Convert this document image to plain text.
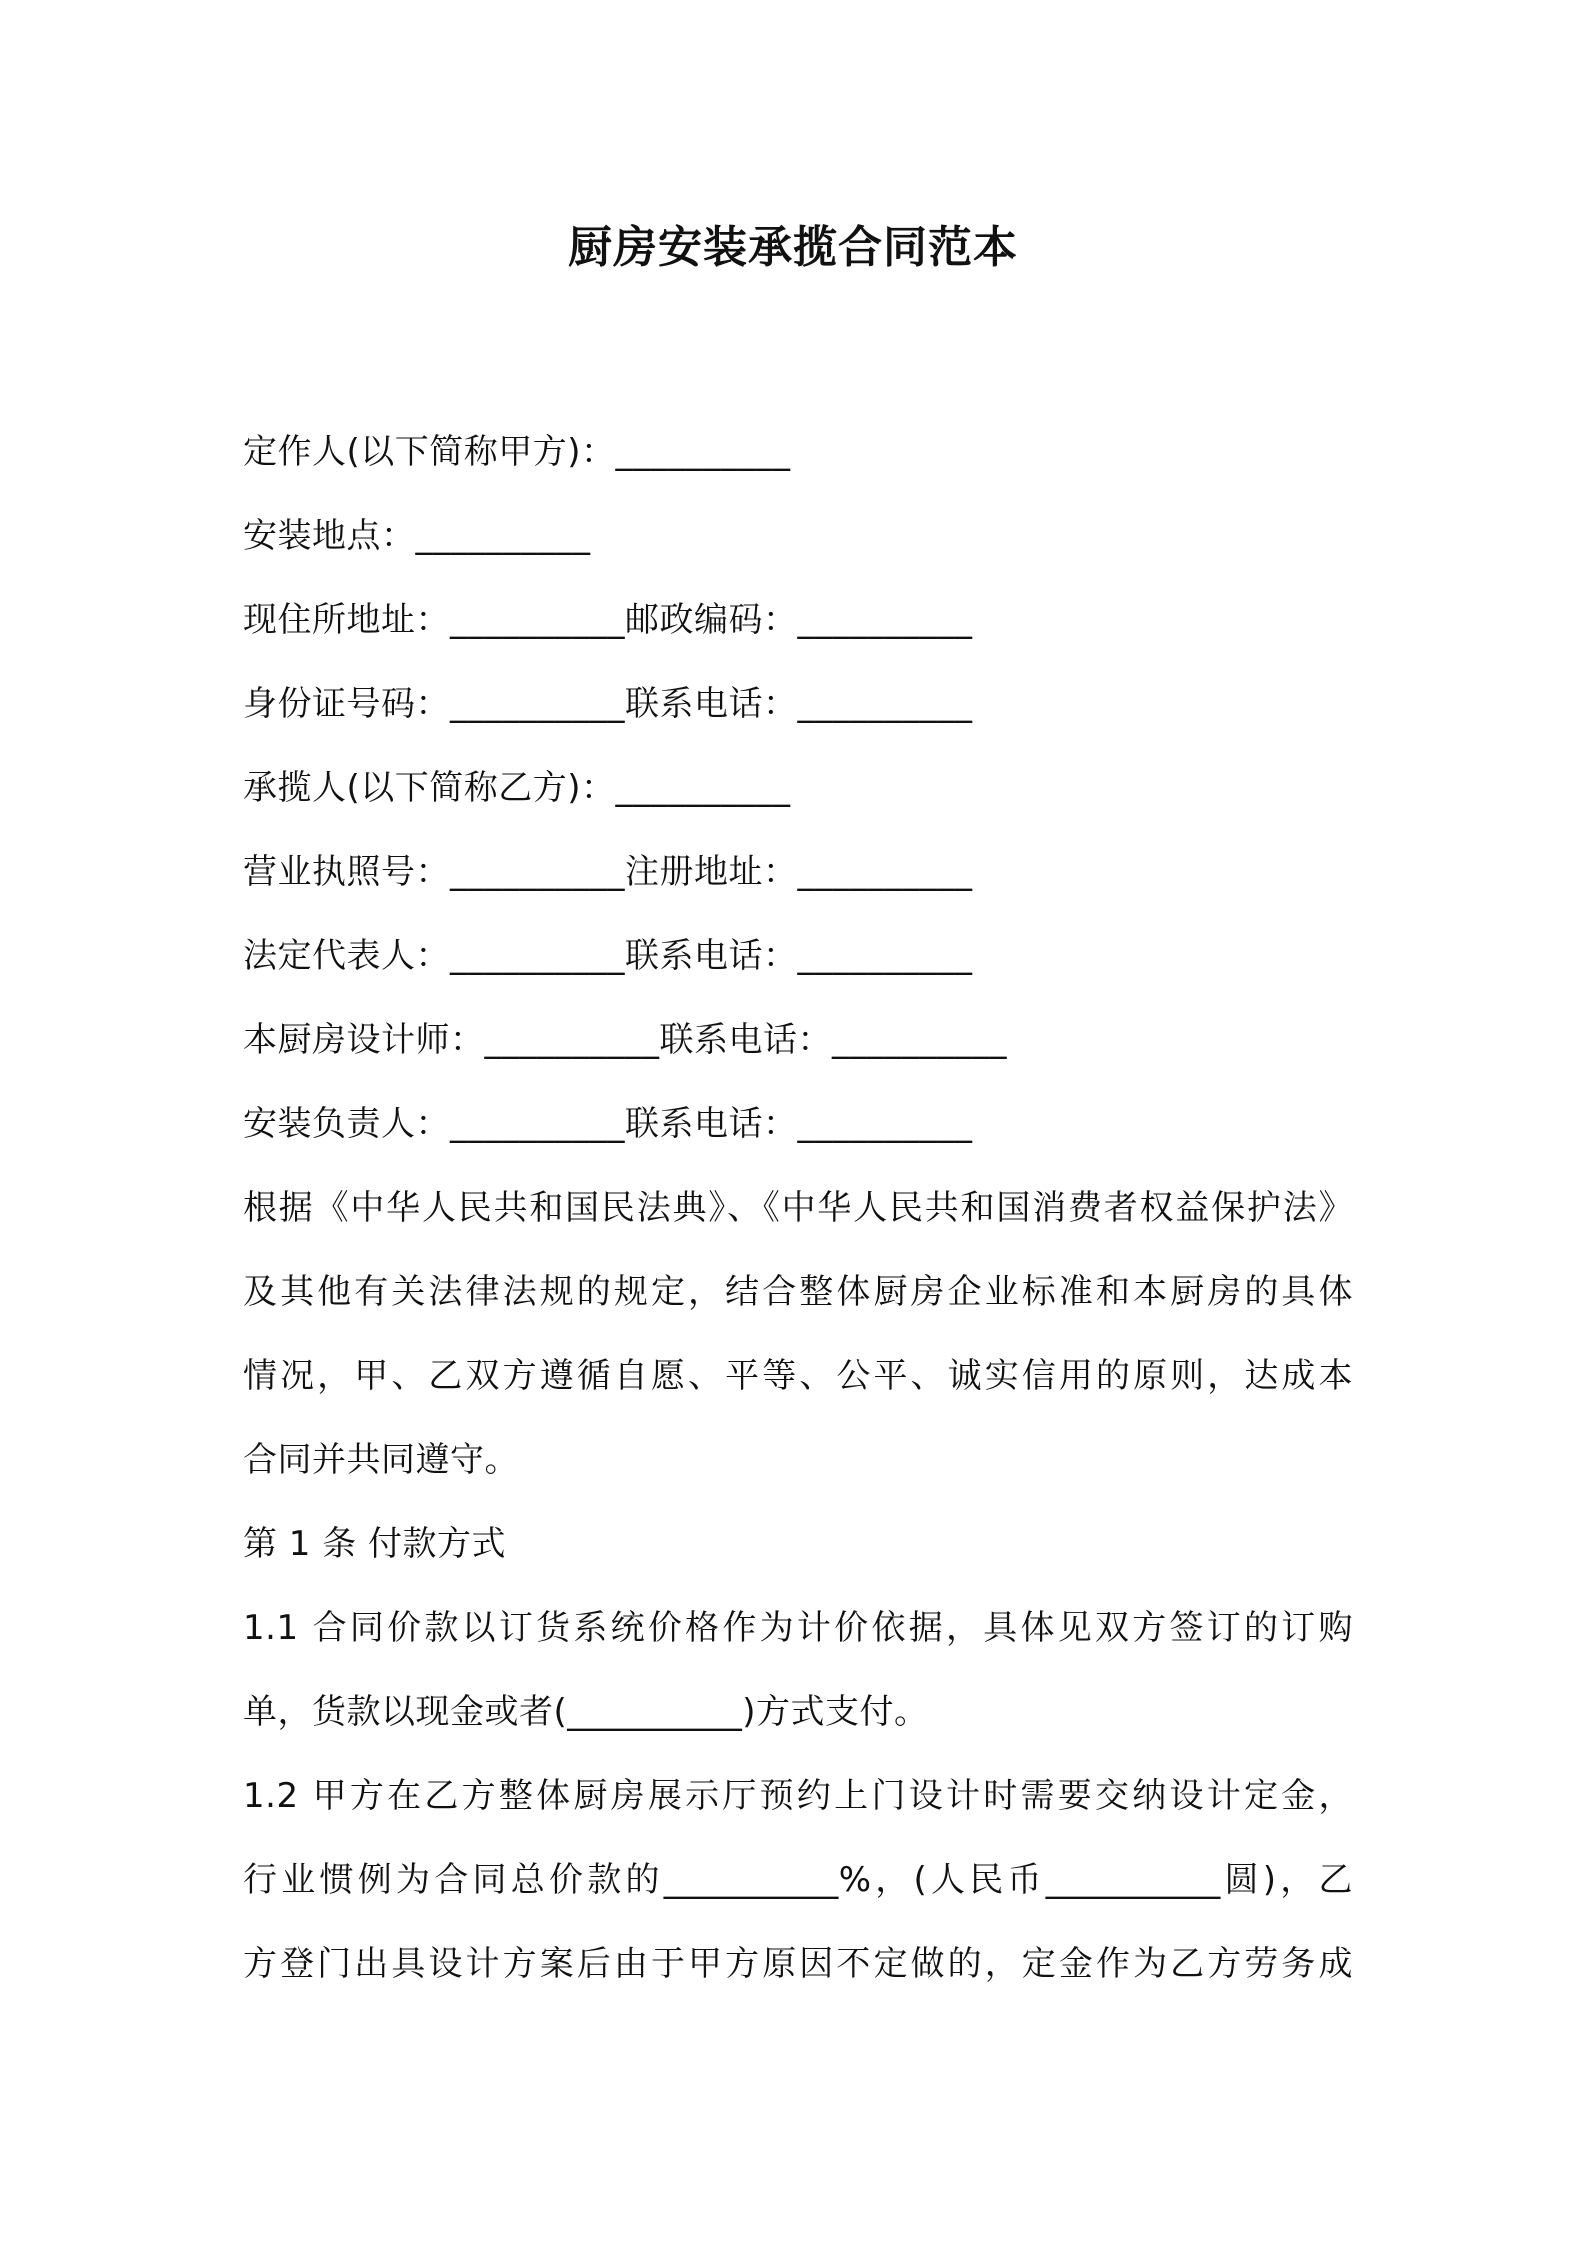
厨房安装承揽合同范本
定作人(以下简称甲方)：__________
安装地点：__________
现住所地址：__________邮政编码：__________
身份证号码：__________联系电话：__________
承揽人(以下简称乙方)：__________
营业执照号：__________注册地址：__________
法定代表人：__________联系电话：__________
本厨房设计师：__________联系电话：__________
安装负责人：__________联系电话：__________
根据《中华人民共和国民法典》、《中华人民共和国消费者权益保护法》
及其他有关法律法规的规定，结合整体厨房企业标准和本厨房的具体
情况，甲、乙双方遵循自愿、平等、公平、诚实信用的原则，达成本
合同并共同遵守。
第 1 条 付款方式
1.1 合同价款以订货系统价格作为计价依据，具体见双方签订的订购
单，货款以现金或者(__________)方式支付。
1.2 甲方在乙方整体厨房展示厅预约上门设计时需要交纳设计定金，
行业惯例为合同总价款的__________%，(人民币__________圆)，乙
方登门出具设计方案后由于甲方原因不定做的，定金作为乙方劳务成
